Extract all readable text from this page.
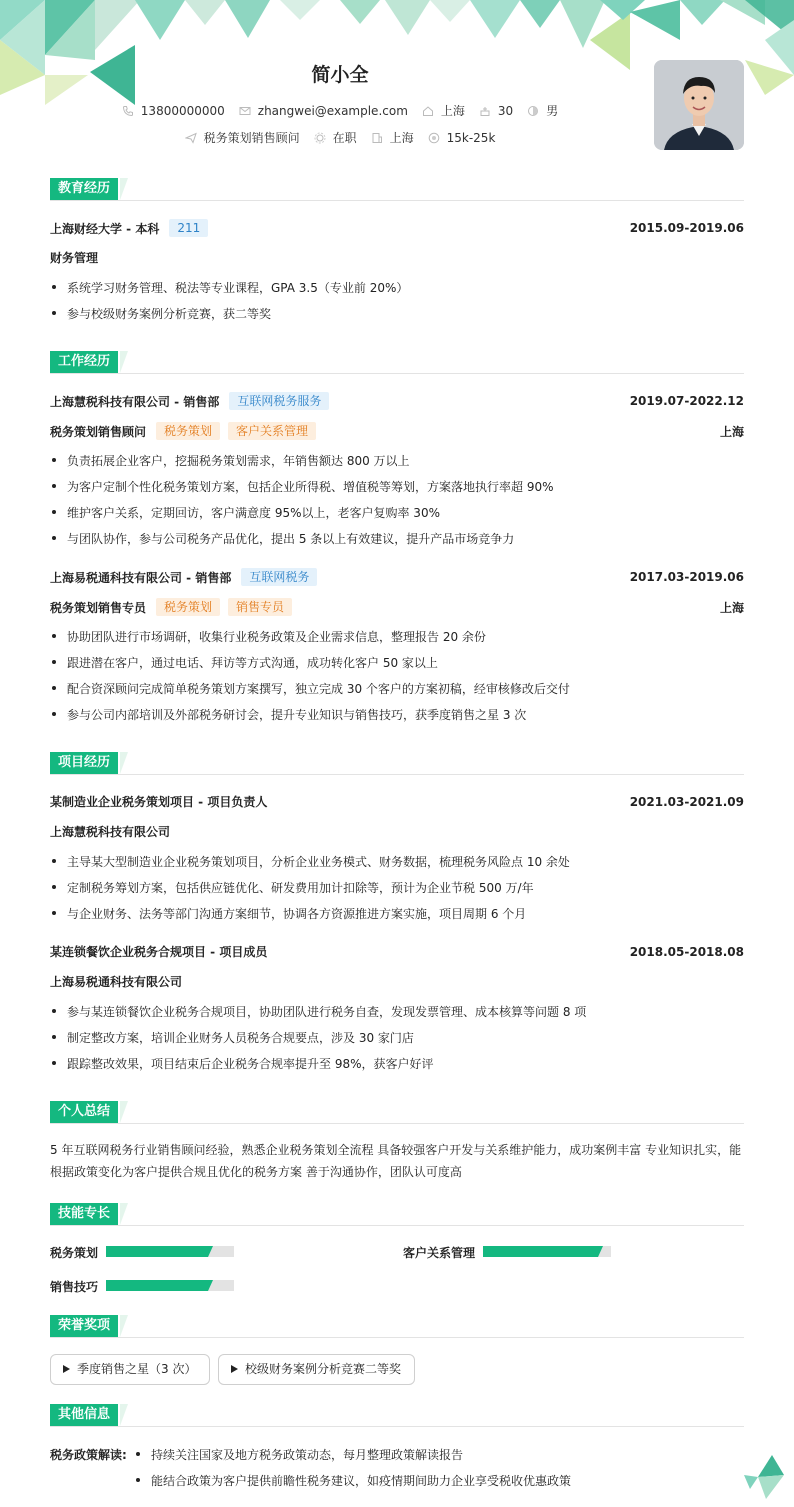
简小全
13800000000	zhangwei@example.com	上海	30	男
税务策划销售顾问	在职	上海	15k-25k
教育经历
上海财经大学 - 本科	211	2015.09-2019.06
财务管理
系统学习财务管理、税法等专业课程，GPA 3.5（专业前 20%）
参与校级财务案例分析竞赛，获二等奖
工作经历
上海慧税科技有限公司 - 销售部	互联网税务服务	2019.07-2022.12
税务策划销售顾问	税务策划	客户关系管理	上海
负责拓展企业客户，挖掘税务策划需求，年销售额达 800 万以上
为客户定制个性化税务策划方案，包括企业所得税、增值税等筹划，方案落地执行率超 90%
维护客户关系，定期回访，客户满意度 95%以上，老客户复购率 30%
与团队协作，参与公司税务产品优化，提出 5 条以上有效建议，提升产品市场竞争力
上海易税通科技有限公司 - 销售部	互联网税务	2017.03-2019.06
税务策划销售专员	税务策划	销售专员	上海
协助团队进行市场调研，收集行业税务政策及企业需求信息，整理报告 20 余份
跟进潜在客户，通过电话、拜访等方式沟通，成功转化客户 50 家以上
配合资深顾问完成简单税务策划方案撰写，独立完成 30 个客户的方案初稿，经审核修改后交付
参与公司内部培训及外部税务研讨会，提升专业知识与销售技巧，获季度销售之星 3 次
项目经历
某制造业企业税务策划项目 - 项目负责人	2021.03-2021.09
上海慧税科技有限公司
主导某大型制造业企业税务策划项目，分析企业业务模式、财务数据，梳理税务风险点 10 余处
定制税务筹划方案，包括供应链优化、研发费用加计扣除等，预计为企业节税 500 万/年
与企业财务、法务等部门沟通方案细节，协调各方资源推进方案实施，项目周期 6 个月
某连锁餐饮企业税务合规项目 - 项目成员	2018.05-2018.08
上海易税通科技有限公司
参与某连锁餐饮企业税务合规项目，协助团队进行税务自查，发现发票管理、成本核算等问题 8 项
制定整改方案，培训企业财务人员税务合规要点，涉及 30 家门店
跟踪整改效果，项目结束后企业税务合规率提升至 98%，获客户好评
个人总结
5 年互联网税务行业销售顾问经验，熟悉企业税务策划全流程 具备较强客户开发与关系维护能力，成功案例丰富 专业知识扎实，能
根据政策变化为客户提供合规且优化的税务方案 善于沟通协作，团队认可度高
技能专长
税务策划	客户关系管理
销售技巧
荣誉奖项
季度销售之星（3 次）	校级财务案例分析竞赛二等奖
其他信息
税务政策解读:	持续关注国家及地方税务政策动态，每月整理政策解读报告
能结合政策为客户提供前瞻性税务建议，如疫情期间助力企业享受税收优惠政策
